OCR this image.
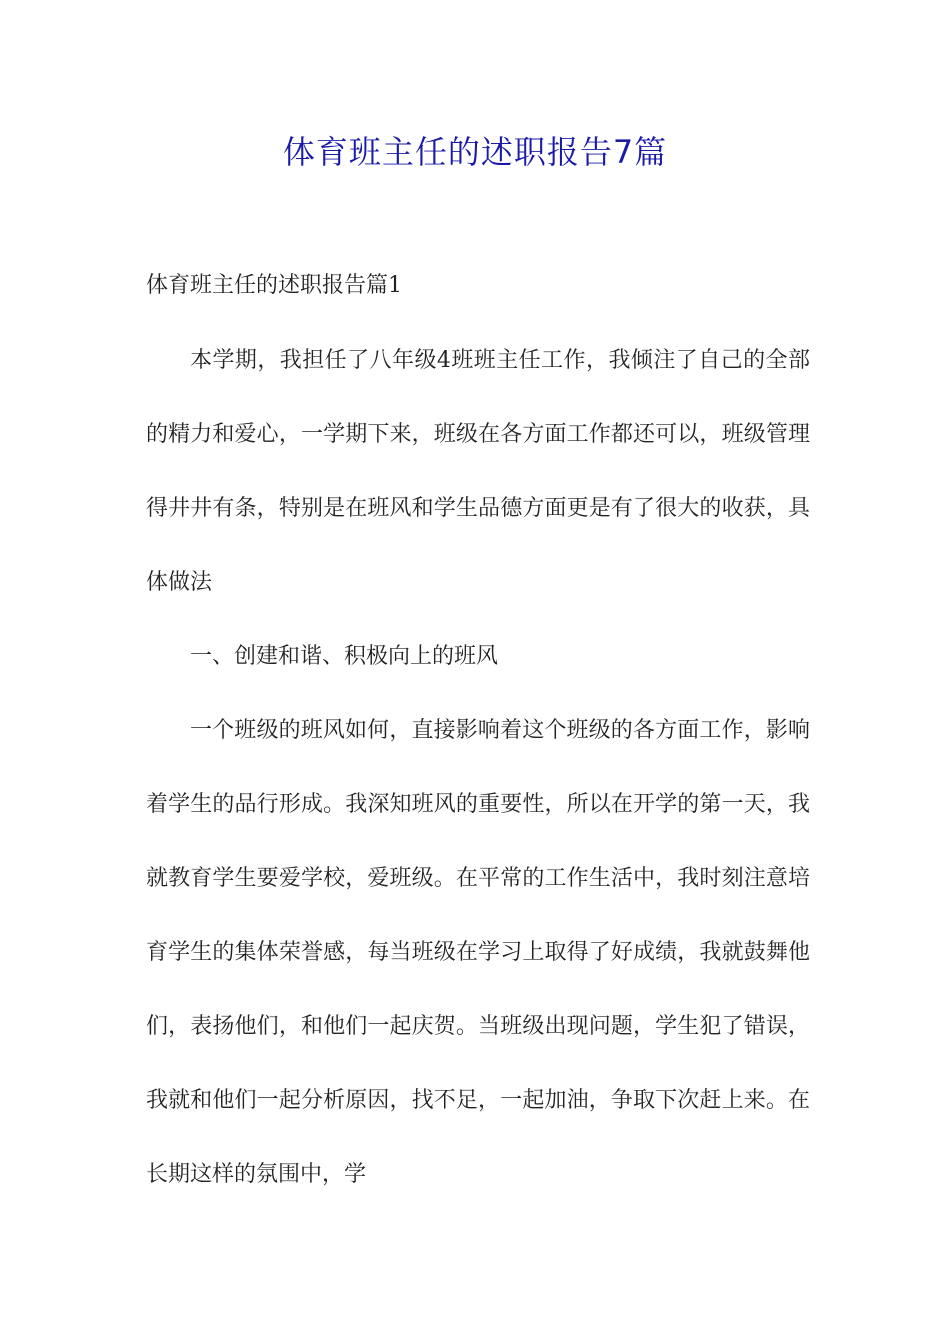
体育班主任的述职报告7篇
体育班主任的述职报告篇1

本学期，我担任了八年级4班班主任工作，我倾注了自己的全部的精力和爱心，一学期下来，班级在各方面工作都还可以，班级管理得井井有条，特别是在班风和学生品德方面更是有了很大的收获，具体做法

一、创建和谐、积极向上的班风

一个班级的班风如何，直接影响着这个班级的各方面工作，影响着学生的品行形成。我深知班风的重要性，所以在开学的第一天，我就教育学生要爱学校，爱班级。在平常的工作生活中，我时刻注意培育学生的集体荣誉感，每当班级在学习上取得了好成绩，我就鼓舞他们，表扬他们，和他们一起庆贺。当班级出现问题，学生犯了错误，我就和他们一起分析原因，找不足，一起加油，争取下次赶上来。在长期这样的氛围中，学
